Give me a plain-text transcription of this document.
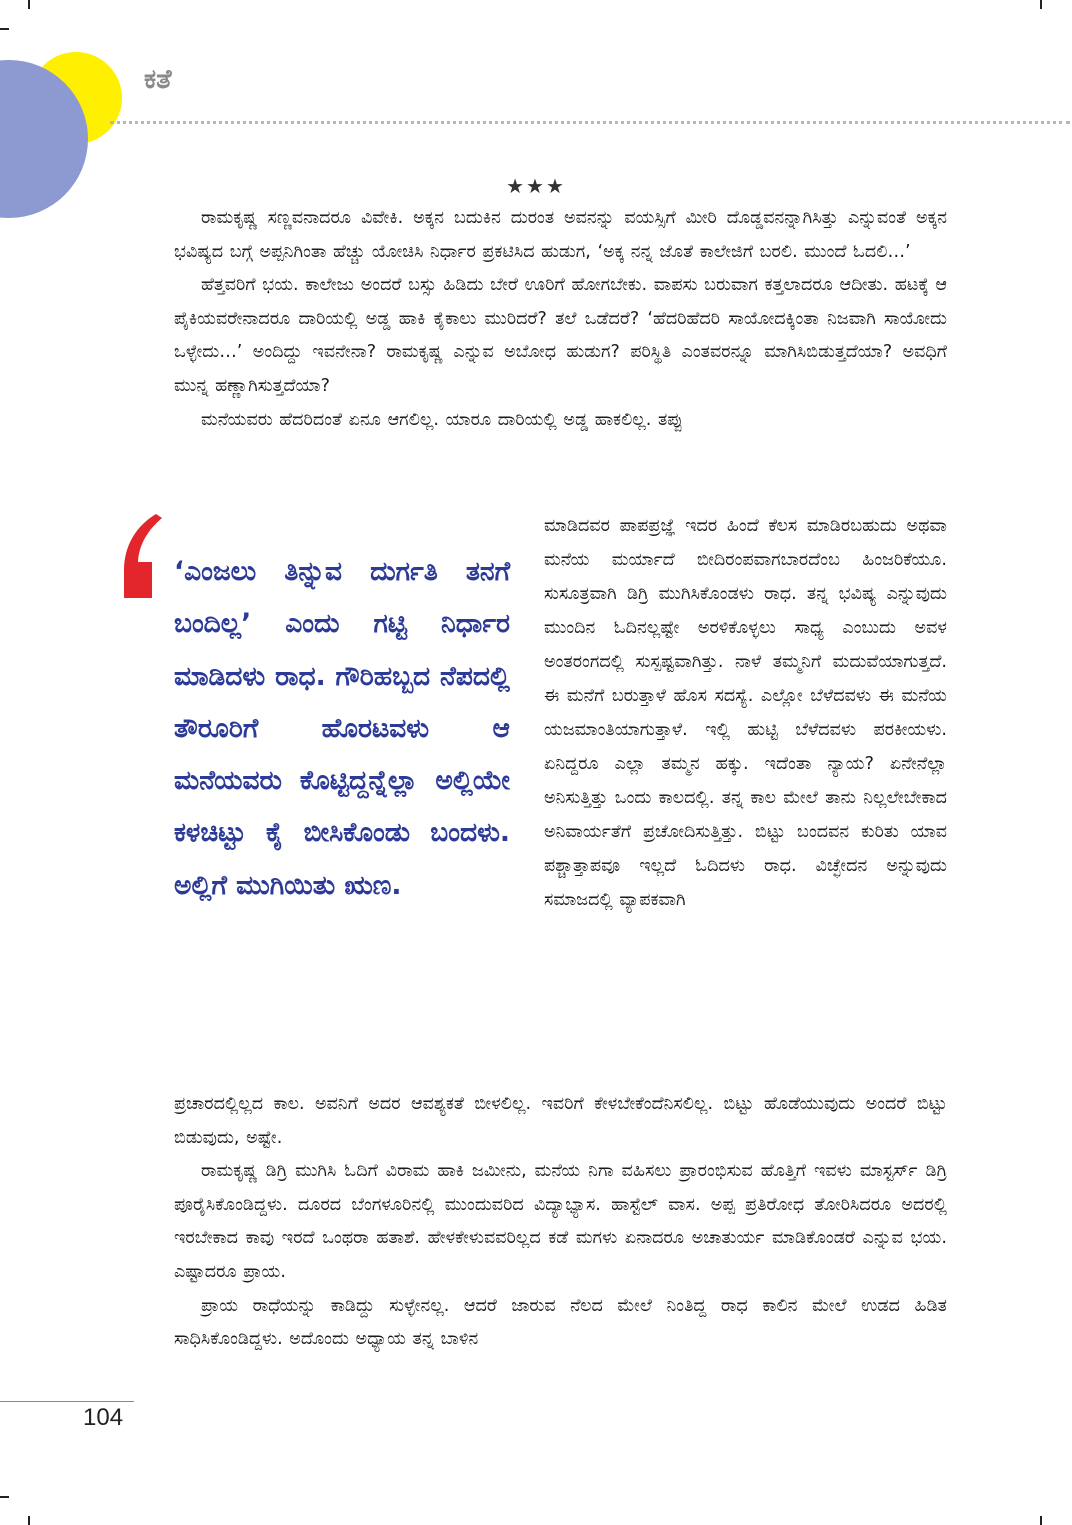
ಕತೆ
★★★

ರಾಮಕೃಷ್ಣ ಸಣ್ಣವನಾದರೂ ವಿವೇಕಿ. ಅಕ್ಕನ ಬದುಕಿನ ದುರಂತ ಅವನನ್ನು ವಯಸ್ಸಿಗೆ ಮೀರಿ ದೊಡ್ಡವನನ್ನಾಗಿಸಿತ್ತು ಎನ್ನುವಂತೆ ಅಕ್ಕನ ಭವಿಷ್ಯದ ಬಗ್ಗೆ ಅಪ್ಪನಿಗಿಂತಾ ಹೆಚ್ಚು ಯೋಚಿಸಿ ನಿರ್ಧಾರ ಪ್ರಕಟಿಸಿದ ಹುಡುಗ, ‘ಅಕ್ಕ ನನ್ನ ಜೊತೆ ಕಾಲೇಜಿಗೆ ಬರಲಿ. ಮುಂದೆ ಓದಲಿ…’

ಹೆತ್ತವರಿಗೆ ಭಯ. ಕಾಲೇಜು ಅಂದರೆ ಬಸ್ಸು ಹಿಡಿದು ಬೇರೆ ಊರಿಗೆ ಹೋಗಬೇಕು. ವಾಪಸು ಬರುವಾಗ ಕತ್ತಲಾದರೂ ಆದೀತು. ಹಟಕ್ಕೆ ಆ ಪೈಕಿಯವರೇನಾದರೂ ದಾರಿಯಲ್ಲಿ ಅಡ್ಡ ಹಾಕಿ ಕೈಕಾಲು ಮುರಿದರೆ? ತಲೆ ಒಡೆದರೆ? ‘ಹೆದರಿಹೆದರಿ ಸಾಯೋದಕ್ಕಿಂತಾ ನಿಜವಾಗಿ ಸಾಯೋದು ಒಳ್ಳೇದು…’ ಅಂದಿದ್ದು ಇವನೇನಾ? ರಾಮಕೃಷ್ಣ ಎನ್ನುವ ಅಬೋಧ ಹುಡುಗ? ಪರಿಸ್ಥಿತಿ ಎಂತವರನ್ನೂ ಮಾಗಿಸಿಬಿಡುತ್ತದೆಯಾ? ಅವಧಿಗೆ ಮುನ್ನ ಹಣ್ಣಾಗಿಸುತ್ತದೆಯಾ?

ಮನೆಯವರು ಹೆದರಿದಂತೆ ಏನೂ ಆಗಲಿಲ್ಲ. ಯಾರೂ ದಾರಿಯಲ್ಲಿ ಅಡ್ಡ ಹಾಕಲಿಲ್ಲ. ತಪ್ಪು

‘ಎಂಜಲು ತಿನ್ನುವ ದುರ್ಗತಿ ತನಗೆ ಬಂದಿಲ್ಲ’ ಎಂದು ಗಟ್ಟಿ ನಿರ್ಧಾರ ಮಾಡಿದಳು ರಾಧ. ಗೌರಿಹಬ್ಬದ ನೆಪದಲ್ಲಿ ತೌರೂರಿಗೆ ಹೊರಟವಳು ಆ ಮನೆಯವರು ಕೊಟ್ಟಿದ್ದನ್ನೆಲ್ಲಾ ಅಲ್ಲಿಯೇ ಕಳಚಿಟ್ಟು ಕೈ ಬೀಸಿಕೊಂಡು ಬಂದಳು. ಅಲ್ಲಿಗೆ ಮುಗಿಯಿತು ಋಣ.

ಮಾಡಿದವರ ಪಾಪಪ್ರಜ್ಞೆ ಇದರ ಹಿಂದೆ ಕೆಲಸ ಮಾಡಿರಬಹುದು ಅಥವಾ ಮನೆಯ ಮರ್ಯಾದೆ ಬೀದಿರಂಪವಾಗಬಾರದೆಂಬ ಹಿಂಜರಿಕೆಯೂ. ಸುಸೂತ್ರವಾಗಿ ಡಿಗ್ರಿ ಮುಗಿಸಿಕೊಂಡಳು ರಾಧ. ತನ್ನ ಭವಿಷ್ಯ ಎನ್ನುವುದು ಮುಂದಿನ ಓದಿನಲ್ಲಷ್ಟೇ ಅರಳಿಕೊಳ್ಳಲು ಸಾಧ್ಯ ಎಂಬುದು ಅವಳ ಅಂತರಂಗದಲ್ಲಿ ಸುಸ್ಪಷ್ಟವಾಗಿತ್ತು. ನಾಳೆ ತಮ್ಮನಿಗೆ ಮದುವೆಯಾಗುತ್ತದೆ. ಈ ಮನೆಗೆ ಬರುತ್ತಾಳೆ ಹೊಸ ಸದಸ್ಯೆ. ಎಲ್ಲೋ ಬೆಳೆದವಳು ಈ ಮನೆಯ ಯಜಮಾಂತಿಯಾಗುತ್ತಾಳೆ. ಇಲ್ಲಿ ಹುಟ್ಟಿ ಬೆಳೆದವಳು ಪರಕೀಯಳು. ಏನಿದ್ದರೂ ಎಲ್ಲಾ ತಮ್ಮನ ಹಕ್ಕು. ಇದೆಂತಾ ನ್ಯಾಯ? ಏನೇನೆಲ್ಲಾ ಅನಿಸುತ್ತಿತ್ತು ಒಂದು ಕಾಲದಲ್ಲಿ. ತನ್ನ ಕಾಲ ಮೇಲೆ ತಾನು ನಿಲ್ಲಲೇಬೇಕಾದ ಅನಿವಾರ್ಯತೆಗೆ ಪ್ರಚೋದಿಸುತ್ತಿತ್ತು. ಬಿಟ್ಟು ಬಂದವನ ಕುರಿತು ಯಾವ ಪಶ್ಚಾತ್ತಾಪವೂ ಇಲ್ಲದೆ ಓದಿದಳು ರಾಧ. ವಿಚ್ಛೇದನ ಅನ್ನುವುದು ಸಮಾಜದಲ್ಲಿ ವ್ಯಾಪಕವಾಗಿ

ಪ್ರಚಾರದಲ್ಲಿಲ್ಲದ ಕಾಲ. ಅವನಿಗೆ ಅದರ ಆವಶ್ಯಕತೆ ಬೀಳಲಿಲ್ಲ. ಇವರಿಗೆ ಕೇಳಬೇಕೆಂದೆನಿಸಲಿಲ್ಲ. ಬಿಟ್ಟು ಹೊಡೆಯುವುದು ಅಂದರೆ ಬಿಟ್ಟು ಬಿಡುವುದು, ಅಷ್ಟೇ.

ರಾಮಕೃಷ್ಣ ಡಿಗ್ರಿ ಮುಗಿಸಿ ಓದಿಗೆ ವಿರಾಮ ಹಾಕಿ ಜಮೀನು, ಮನೆಯ ನಿಗಾ ವಹಿಸಲು ಪ್ರಾರಂಭಿಸುವ ಹೊತ್ತಿಗೆ ಇವಳು ಮಾಸ್ಟರ್ಸ್ ಡಿಗ್ರಿ ಪೂರೈಸಿಕೊಂಡಿದ್ದಳು. ದೂರದ ಬೆಂಗಳೂರಿನಲ್ಲಿ ಮುಂದುವರಿದ ವಿದ್ಯಾಭ್ಯಾಸ. ಹಾಸ್ಟೆಲ್ ವಾಸ. ಅಪ್ಪ ಪ್ರತಿರೋಧ ತೋರಿಸಿದರೂ ಅದರಲ್ಲಿ ಇರಬೇಕಾದ ಕಾವು ಇರದೆ ಒಂಥರಾ ಹತಾಶೆ. ಹೇಳಕೇಳುವವರಿಲ್ಲದ ಕಡೆ ಮಗಳು ಏನಾದರೂ ಅಚಾತುರ್ಯ ಮಾಡಿಕೊಂಡರೆ ಎನ್ನುವ ಭಯ. ಎಷ್ಟಾದರೂ ಪ್ರಾಯ.

ಪ್ರಾಯ ರಾಧೆಯನ್ನು ಕಾಡಿದ್ದು ಸುಳ್ಳೇನಲ್ಲ. ಆದರೆ ಜಾರುವ ನೆಲದ ಮೇಲೆ ನಿಂತಿದ್ದ ರಾಧ ಕಾಲಿನ ಮೇಲೆ ಉಡದ ಹಿಡಿತ ಸಾಧಿಸಿಕೊಂಡಿದ್ದಳು. ಅದೊಂದು ಅಧ್ಯಾಯ ತನ್ನ ಬಾಳಿನ

104
